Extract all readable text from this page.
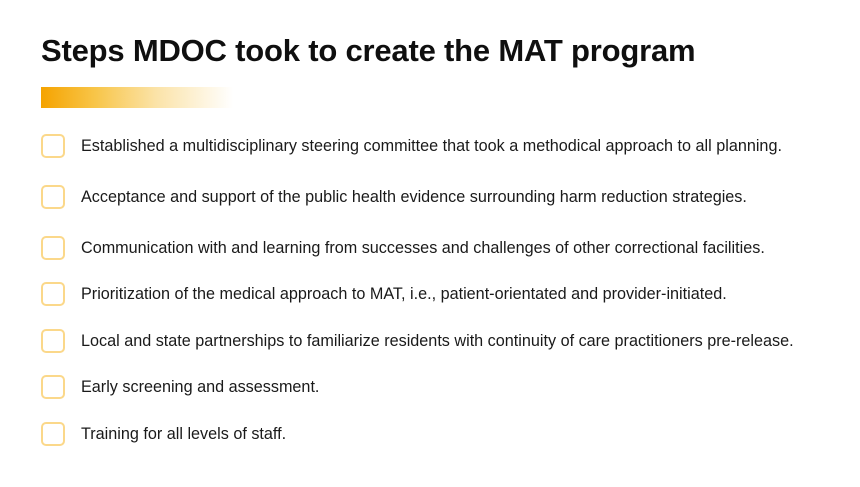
Steps MDOC took to create the MAT program
Established a multidisciplinary steering committee that took a methodical approach to all planning.
Acceptance and support of the public health evidence surrounding harm reduction strategies.
Communication with and learning from successes and challenges of other correctional facilities.
Prioritization of the medical approach to MAT, i.e., patient-orientated and provider-initiated.
Local and state partnerships to familiarize residents with continuity of care practitioners pre-release.
Early screening and assessment.
Training for all levels of staff.
